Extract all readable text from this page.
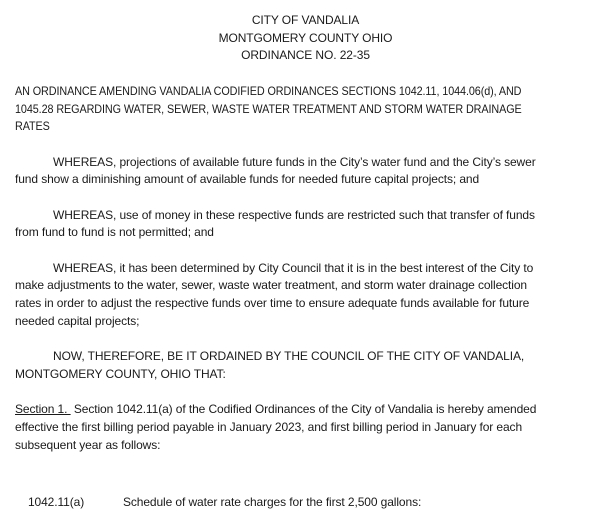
CITY OF VANDALIA
MONTGOMERY COUNTY OHIO
ORDINANCE NO. 22-35

AN ORDINANCE AMENDING VANDALIA CODIFIED ORDINANCES SECTIONS 1042.11, 1044.06(d), AND
1045.28 REGARDING WATER, SEWER, WASTE WATER TREATMENT AND STORM WATER DRAINAGE
RATES

WHEREAS, projections of available future funds in the City’s water fund and the City’s sewer
fund show a diminishing amount of available funds for needed future capital projects; and

WHEREAS, use of money in these respective funds are restricted such that transfer of funds
from fund to fund is not permitted; and

WHEREAS, it has been determined by City Council that it is in the best interest of the City to
make adjustments to the water, sewer, waste water treatment, and storm water drainage collection
rates in order to adjust the respective funds over time to ensure adequate funds available for future
needed capital projects;

NOW, THEREFORE, BE IT ORDAINED BY THE COUNCIL OF THE CITY OF VANDALIA,
MONTGOMERY COUNTY, OHIO THAT:

Section 1.  Section 1042.11(a) of the Codified Ordinances of the City of Vandalia is hereby amended
effective the first billing period payable in January 2023, and first billing period in January for each
subsequent year as follows:

1042.11(a)	Schedule of water rate charges for the first 2,500 gallons:
